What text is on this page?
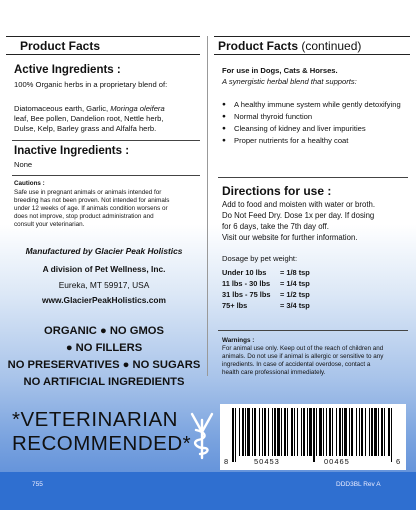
Product Facts
Active Ingredients :
100% Organic herbs in a proprietary blend of:
Diatomaceous earth, Garlic, Moringa oleifera
leaf, Bee pollen, Dandelion root, Nettle herb,
Dulse, Kelp, Barley grass and Alfalfa herb.
Inactive Ingredients :
None
Cautions :
Safe use in pregnant animals or animals intended for
breeding has not been proven. Not intended for animals
under 12 weeks of age. If animals condition worsens or
does not improve, stop product administration and
consult your veterinarian.
Manufactured by Glacier Peak Holistics
A division of Pet Wellness, Inc.
Eureka, MT 59917, USA
www.GlacierPeakHolistics.com
ORGANIC ● NO GMOS
● NO FILLERS
NO PRESERVATIVES ● NO SUGARS
NO ARTIFICIAL INGREDIENTS
*VETERINARIAN
RECOMMENDED*
Product Facts (continued)
For use in Dogs, Cats & Horses.
A synergistic herbal blend that supports:
● A healthy immune system while gently detoxifying
● Normal thyroid function
● Cleansing of kidney and liver impurities
● Proper nutrients for a healthy coat
Directions for use :
Add to food and moisten with water or broth.
Do Not Feed Dry. Dose 1x per day. If dosing
for 6 days, take the 7th day off.
Visit our website for further information.
Dosage by pet weight:
Under 10 lbs	= 1/8 tsp
11 lbs - 30 lbs	= 1/4 tsp
31 lbs - 75 lbs	= 1/2 tsp
75+ lbs	= 3/4 tsp
Warnings :
For animal use only. Keep out of the reach of children and
animals. Do not use if animal is allergic or sensitive to any
ingredients. In case of accidental overdose, contact a
health care professional immediately.
8	50453	00465	6
755	DDD3BL Rev A
